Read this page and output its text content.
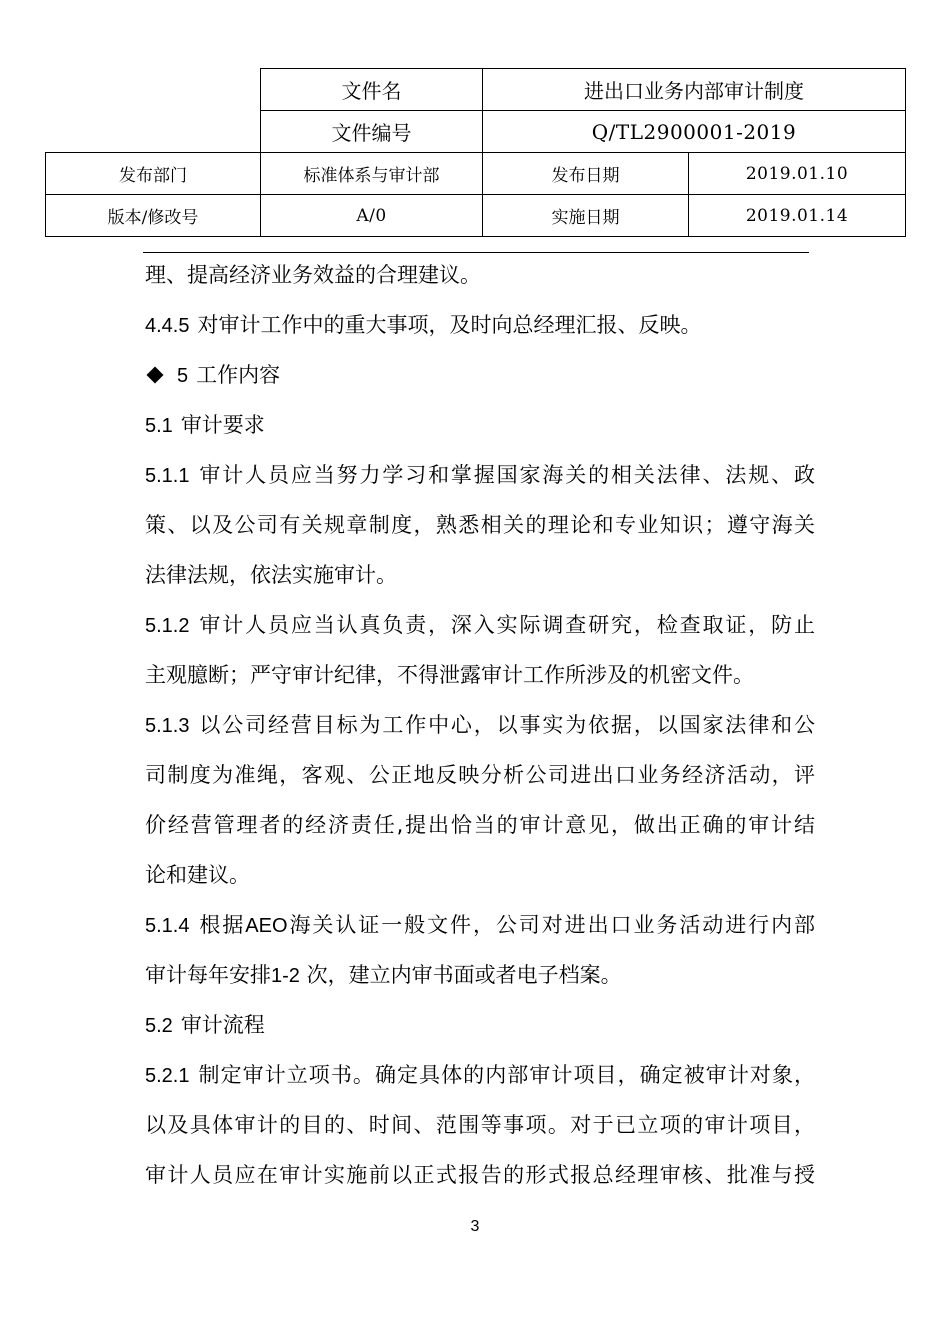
文件名	进出口业务内部审计制度
文件编号	Q/TL2900001-2019
发布部门	标准体系与审计部	发布日期	2019.01.10
版本/修改号	A/0	实施日期	2019.01.14
理、提高经济业务效益的合理建议。
4.4.5 对审计工作中的重大事项，及时向总经理汇报、反映。
5 工作内容
5.1 审计要求
5.1.1 审计人员应当努力学习和掌握国家海关的相关法律、法规、政
策、以及公司有关规章制度，熟悉相关的理论和专业知识；遵守海关
法律法规，依法实施审计。
5.1.2 审计人员应当认真负责，深入实际调查研究，检查取证，防止
主观臆断；严守审计纪律，不得泄露审计工作所涉及的机密文件。
5.1.3 以公司经营目标为工作中心，以事实为依据，以国家法律和公
司制度为准绳，客观、公正地反映分析公司进出口业务经济活动，评
价经营管理者的经济责任,提出恰当的审计意见，做出正确的审计结
论和建议。
5.1.4 根据AEO海关认证一般文件，公司对进出口业务活动进行内部
审计每年安排1-2 次，建立内审书面或者电子档案。
5.2 审计流程
5.2.1 制定审计立项书。确定具体的内部审计项目，确定被审计对象，
以及具体审计的目的、时间、范围等事项。对于已立项的审计项目，
审计人员应在审计实施前以正式报告的形式报总经理审核、批准与授
3
